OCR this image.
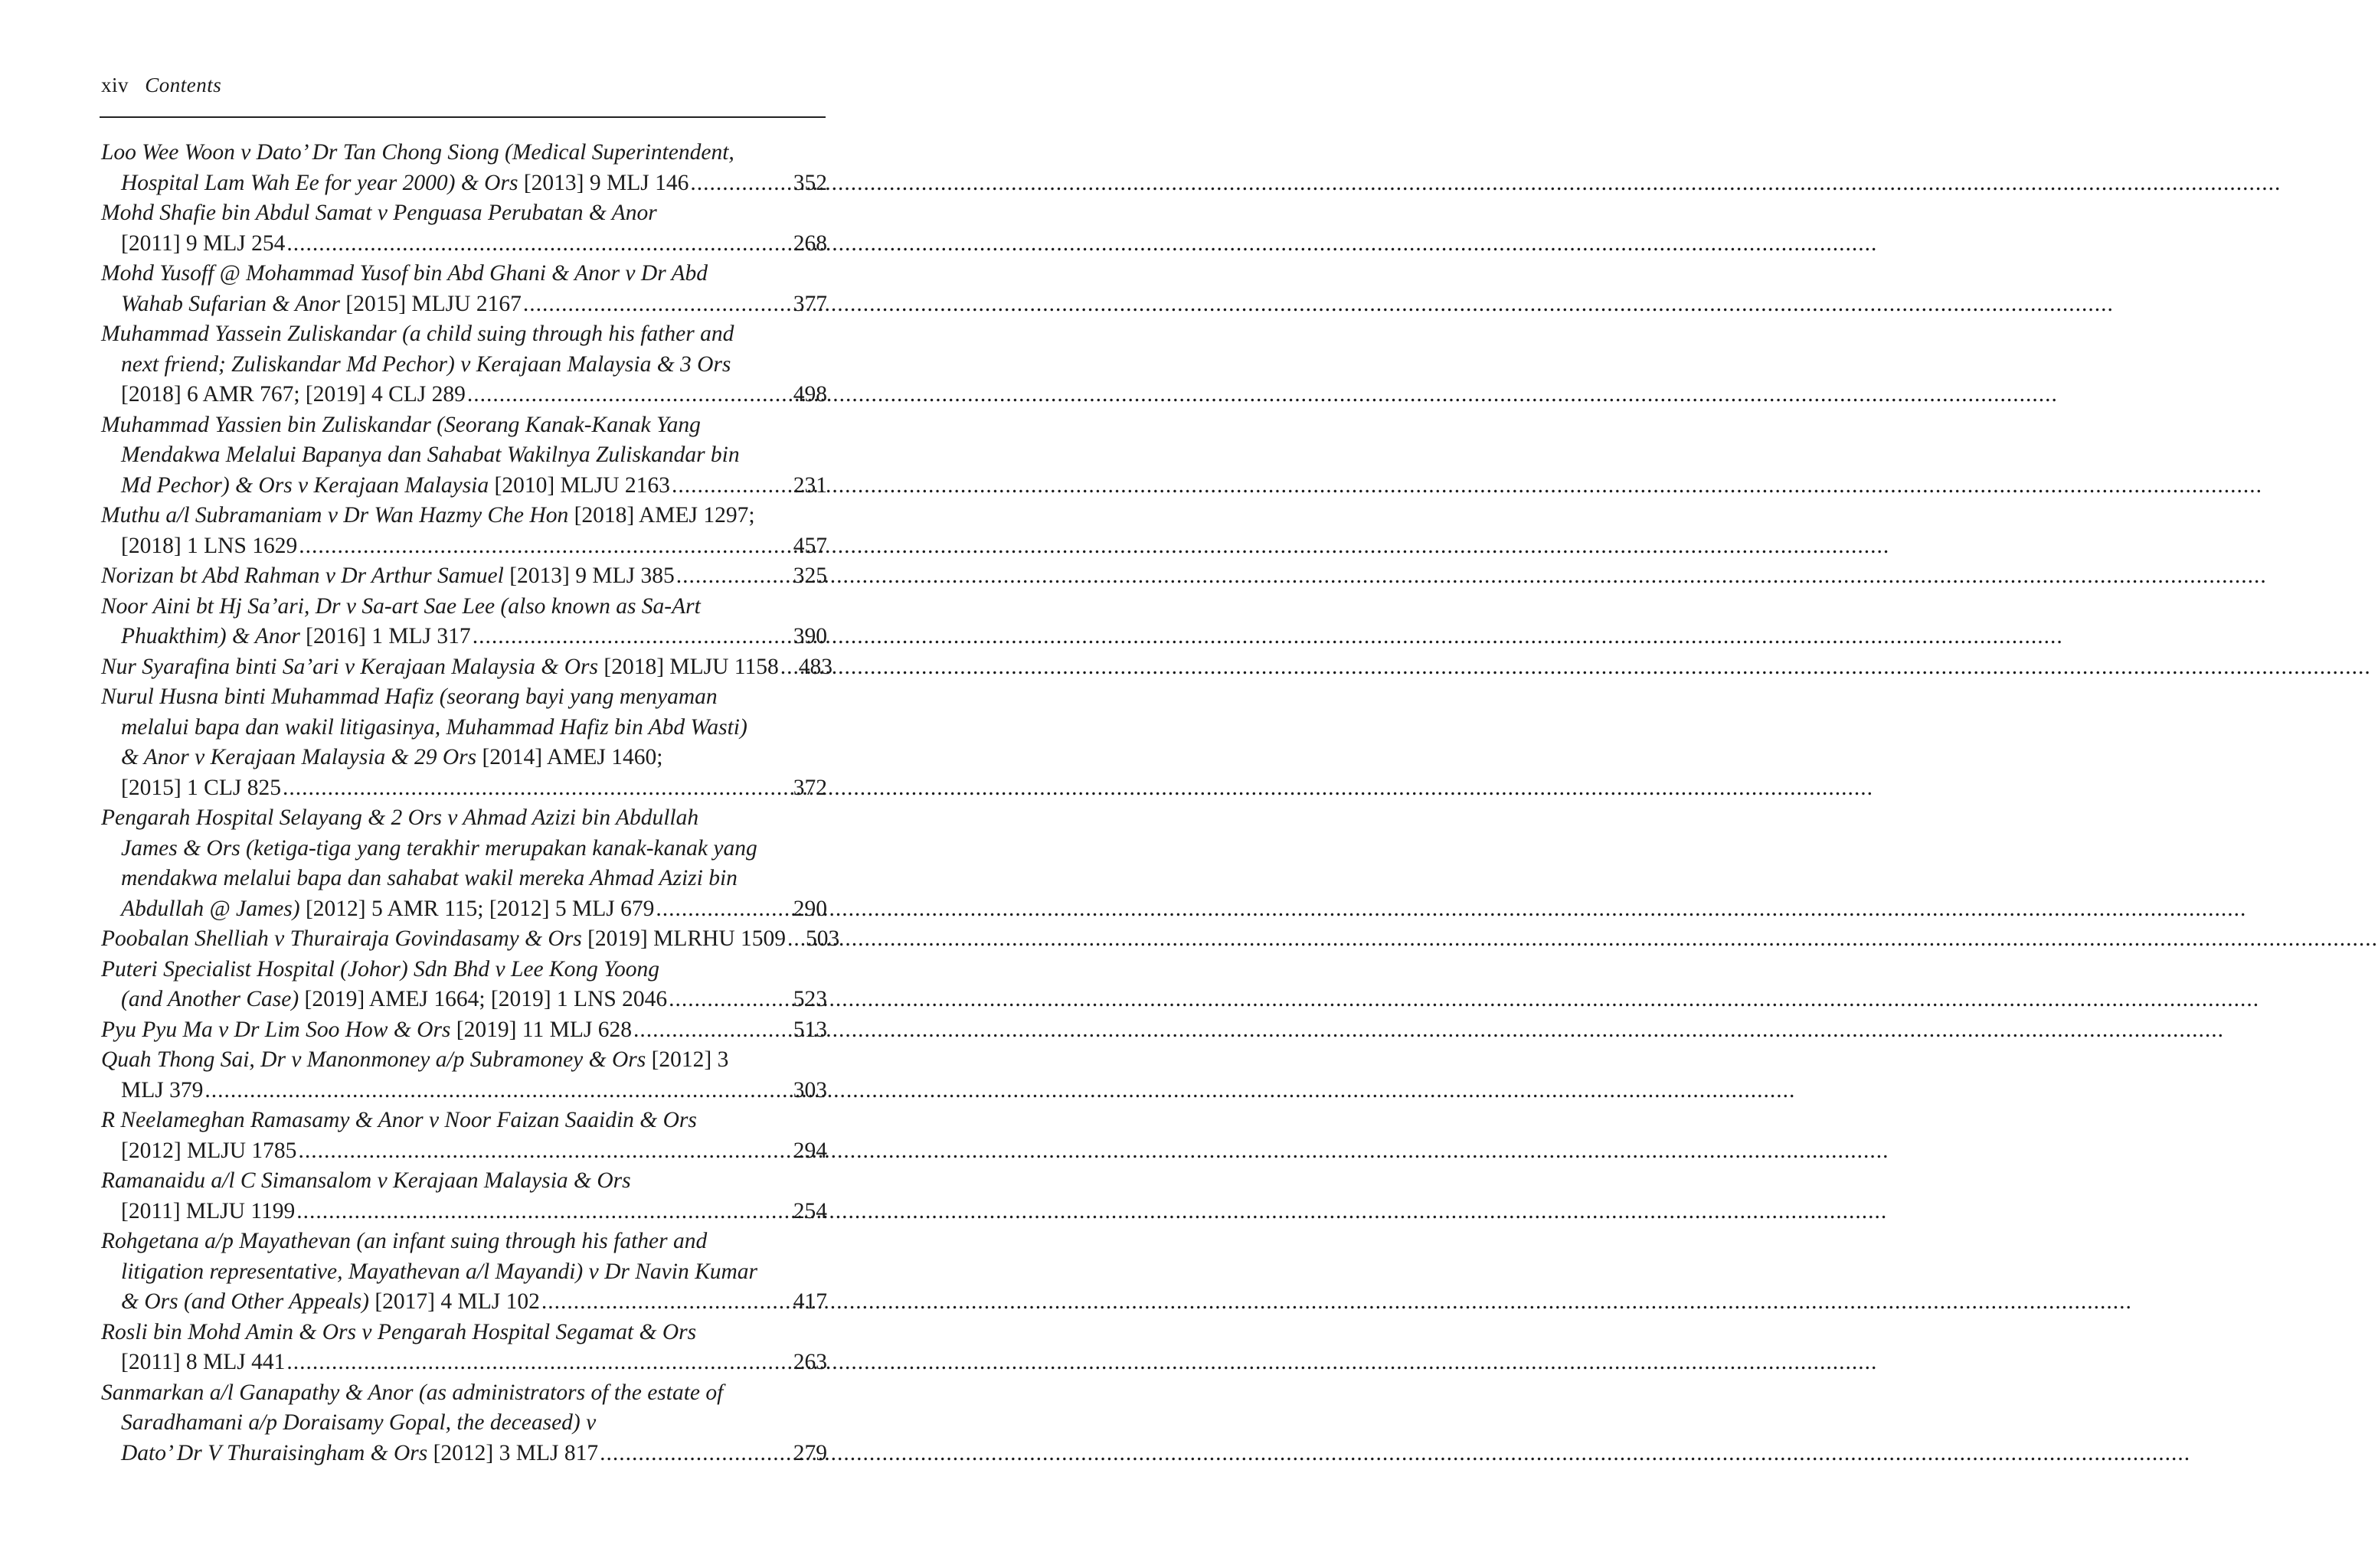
xiv Contents
Loo Wee Woon v Dato’ Dr Tan Chong Siong (Medical Superintendent,
Hospital Lam Wah Ee for year 2000) & Ors [2013] 9 MLJ 146 .....	352
Mohd Shafie bin Abdul Samat v Penguasa Perubatan & Anor
[2011] 9 MLJ 254 .....	268
Mohd Yusoff @ Mohammad Yusof bin Abd Ghani & Anor v Dr Abd
Wahab Sufarian & Anor [2015] MLJU 2167 .....	377
Muhammad Yassein Zuliskandar (a child suing through his father and
next friend; Zuliskandar Md Pechor) v Kerajaan Malaysia & 3 Ors
[2018] 6 AMR 767; [2019] 4 CLJ 289 .....	498
Muhammad Yassien bin Zuliskandar (Seorang Kanak-Kanak Yang
Mendakwa Melalui Bapanya dan Sahabat Wakilnya Zuliskandar bin
Md Pechor) & Ors v Kerajaan Malaysia [2010] MLJU 2163 .....	231
Muthu a/l Subramaniam v Dr Wan Hazmy Che Hon [2018] AMEJ 1297;
[2018] 1 LNS 1629 .....	457
Norizan bt Abd Rahman v Dr Arthur Samuel [2013] 9 MLJ 385 .....	325
Noor Aini bt Hj Sa’ari, Dr v Sa-art Sae Lee (also known as Sa-Art
Phuakthim) & Anor [2016] 1 MLJ 317 .....	390
Nur Syarafina binti Sa’ari v Kerajaan Malaysia & Ors [2018] MLJU 1158 ..... 483
Nurul Husna binti Muhammad Hafiz (seorang bayi yang menyaman
melalui bapa dan wakil litigasinya, Muhammad Hafiz bin Abd Wasti)
& Anor v Kerajaan Malaysia & 29 Ors [2014] AMEJ 1460;
[2015] 1 CLJ 825 .....	372
Pengarah Hospital Selayang & 2 Ors v Ahmad Azizi bin Abdullah
James & Ors (ketiga-tiga yang terakhir merupakan kanak-kanak yang
mendakwa melalui bapa dan sahabat wakil mereka Ahmad Azizi bin
Abdullah @ James) [2012] 5 AMR 115; [2012] 5 MLJ 679 .....	290
Poobalan Shelliah v Thurairaja Govindasamy & Ors [2019] MLRHU 1509 ..... 503
Puteri Specialist Hospital (Johor) Sdn Bhd v Lee Kong Yoong
(and Another Case) [2019] AMEJ 1664; [2019] 1 LNS 2046 .....	523
Pyu Pyu Ma v Dr Lim Soo How & Ors [2019] 11 MLJ 628 .....	513
Quah Thong Sai, Dr v Manonmoney a/p Subramoney & Ors [2012] 3
MLJ 379 .....	303
R Neelameghan Ramasamy & Anor v Noor Faizan Saaidin & Ors
[2012] MLJU 1785 .....	294
Ramanaidu a/l C Simansalom v Kerajaan Malaysia & Ors
[2011] MLJU 1199 .....	254
Rohgetana a/p Mayathevan (an infant suing through his father and
litigation representative, Mayathevan a/l Mayandi) v Dr Navin Kumar
& Ors (and Other Appeals) [2017] 4 MLJ 102 .....	417
Rosli bin Mohd Amin & Ors v Pengarah Hospital Segamat & Ors
[2011] 8 MLJ 441 .....	263
Sanmarkan a/l Ganapathy & Anor (as administrators of the estate of
Saradhamani a/p Doraisamy Gopal, the deceased) v
Dato’ Dr V Thuraisingham & Ors [2012] 3 MLJ 817 .....	279
